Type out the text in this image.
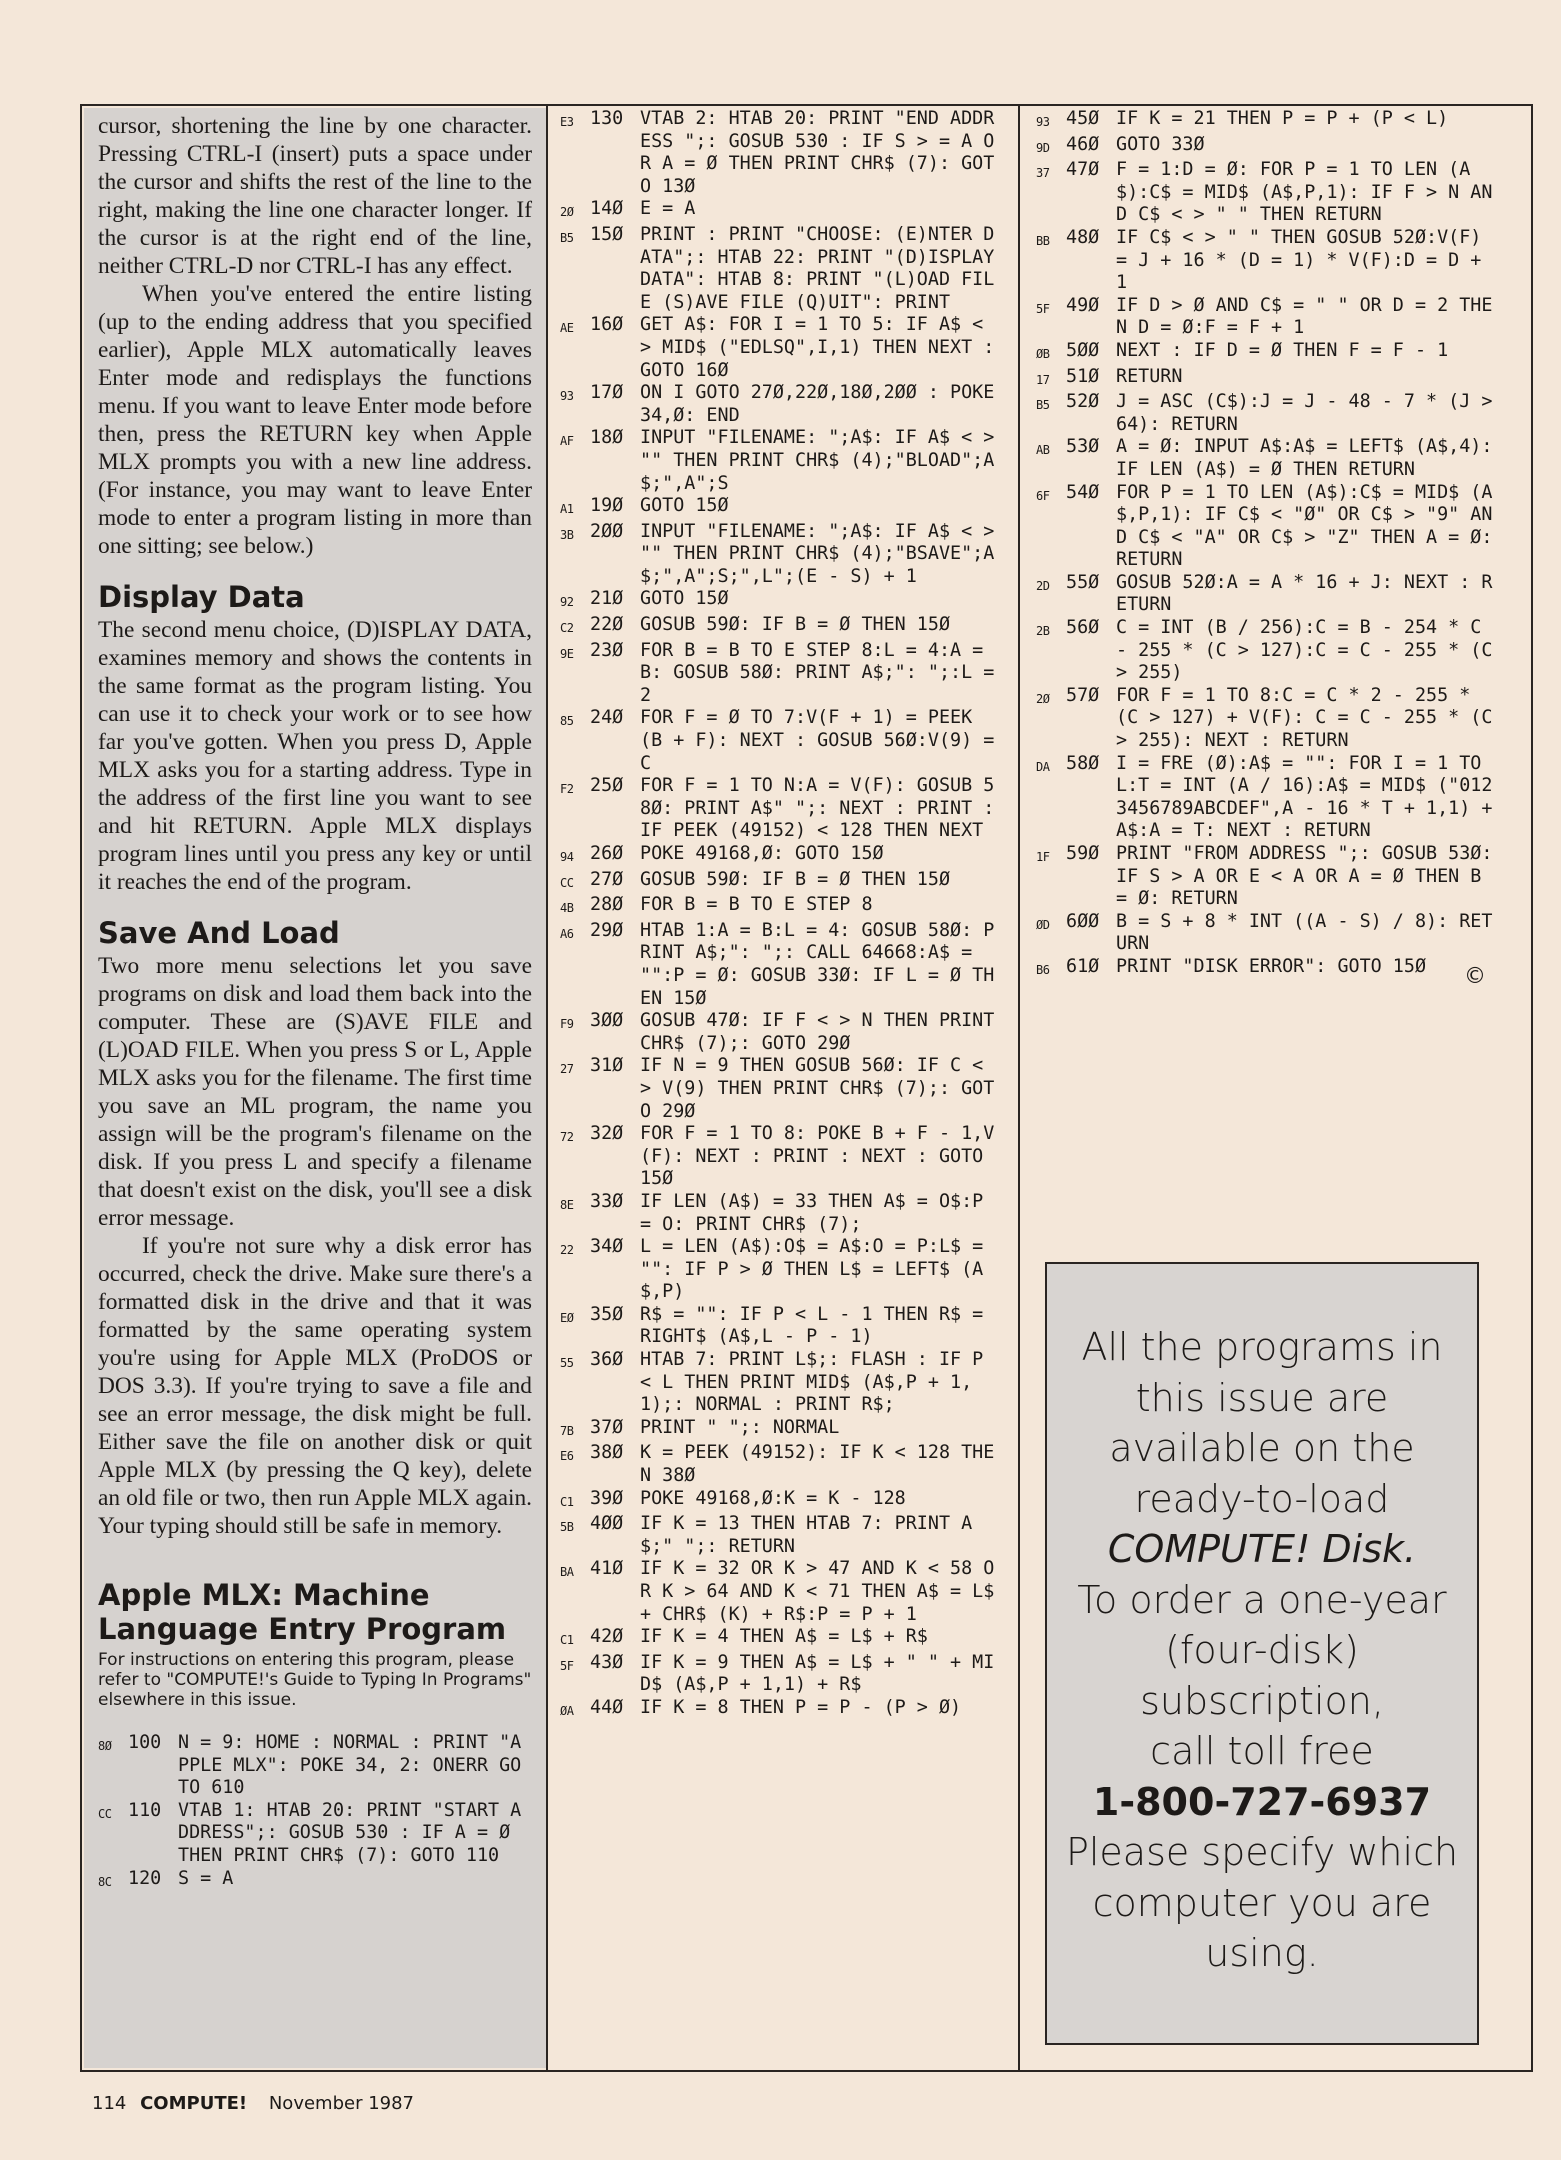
cursor, shortening the line by one character. Pressing CTRL-I (insert) puts a space under the cursor and shifts the rest of the line to the right, making the line one character longer. If the cursor is at the right end of the line, neither CTRL-D nor CTRL-I has any effect.

When you've entered the entire listing (up to the ending address that you specified earlier), Apple MLX automatically leaves Enter mode and redisplays the functions menu. If you want to leave Enter mode before then, press the RETURN key when Apple MLX prompts you with a new line address. (For instance, you may want to leave Enter mode to enter a program listing in more than one sitting; see below.)

Display Data

The second menu choice, (D)ISPLAY DATA, examines memory and shows the contents in the same format as the program listing. You can use it to check your work or to see how far you've gotten. When you press D, Apple MLX asks you for a starting address. Type in the address of the first line you want to see and hit RETURN. Apple MLX displays program lines until you press any key or until it reaches the end of the program.

Save And Load

Two more menu selections let you save programs on disk and load them back into the computer. These are (S)AVE FILE and (L)OAD FILE. When you press S or L, Apple MLX asks you for the filename. The first time you save an ML program, the name you assign will be the program's filename on the disk. If you press L and specify a filename that doesn't exist on the disk, you'll see a disk error message.

If you're not sure why a disk error has occurred, check the drive. Make sure there's a formatted disk in the drive and that it was formatted by the same operating system you're using for Apple MLX (ProDOS or DOS 3.3). If you're trying to save a file and see an error message, the disk might be full. Either save the file on another disk or quit Apple MLX (by pressing the Q key), delete an old file or two, then run Apple MLX again. Your typing should still be safe in memory.

Apple MLX: Machine
Language Entry Program

For instructions on entering this program, please refer to "COMPUTE!'s Guide to Typing In Programs" elsewhere in this issue.

8Ø 100 N = 9: HOME : NORMAL : PRINT "APPLE MLX": POKE 34, 2: ONERR GOTO 610
CC 110 VTAB 1: HTAB 20: PRINT "START ADDRESS";: GOSUB 530 : IF A = Ø THEN PRINT CHR$ (7): GOTO 110
8C 120 S = A
E3 130 VTAB 2: HTAB 20: PRINT "END ADDRESS ";: GOSUB 530 : IF S > = A OR A = Ø THEN PRINT CHR$ (7): GOTO 13Ø
2Ø 14Ø E = A
B5 15Ø PRINT : PRINT "CHOOSE: (E)NTER DATA";: HTAB 22: PRINT "(D)ISPLAY DATA": HTAB 8: PRINT "(L)OAD FILE (S)AVE FILE (Q)UIT": PRINT
AE 16Ø GET A$: FOR I = 1 TO 5: IF A$ < > MID$ ("EDLSQ",I,1) THEN NEXT : GOTO 16Ø
93 17Ø ON I GOTO 27Ø,22Ø,18Ø,2ØØ : POKE 34,Ø: END
AF 18Ø INPUT "FILENAME: ";A$: IF A$ < > "" THEN PRINT CHR$ (4);"BLOAD";A$;",A";S
A1 19Ø GOTO 15Ø
3B 2ØØ INPUT "FILENAME: ";A$: IF A$ < > "" THEN PRINT CHR$ (4);"BSAVE";A$;",A";S;",L";(E - S) + 1
92 21Ø GOTO 15Ø
C2 22Ø GOSUB 59Ø: IF B = Ø THEN 15Ø
9E 23Ø FOR B = B TO E STEP 8:L = 4:A = B: GOSUB 58Ø: PRINT A$;": ";:L = 2
85 24Ø FOR F = Ø TO 7:V(F + 1) = PEEK (B + F): NEXT : GOSUB 56Ø:V(9) = C
F2 25Ø FOR F = 1 TO N:A = V(F): GOSUB 58Ø: PRINT A$" ";: NEXT : PRINT : IF PEEK (49152) < 128 THEN NEXT
94 26Ø POKE 49168,Ø: GOTO 15Ø
CC 27Ø GOSUB 59Ø: IF B = Ø THEN 15Ø
4B 28Ø FOR B = B TO E STEP 8
A6 29Ø HTAB 1:A = B:L = 4: GOSUB 58Ø: PRINT A$;": ";: CALL 64668:A$ = "":P = Ø: GOSUB 33Ø: IF L = Ø THEN 15Ø
F9 3ØØ GOSUB 47Ø: IF F < > N THEN PRINT CHR$ (7);: GOTO 29Ø
27 31Ø IF N = 9 THEN GOSUB 56Ø: IF C < > V(9) THEN PRINT CHR$ (7);: GOTO 29Ø
72 32Ø FOR F = 1 TO 8: POKE B + F - 1,V(F): NEXT : PRINT : NEXT : GOTO 15Ø
8E 33Ø IF LEN (A$) = 33 THEN A$ = O$:P = O: PRINT CHR$ (7);
22 34Ø L = LEN (A$):O$ = A$:O = P:L$ = "": IF P > Ø THEN L$ = LEFT$ (A$,P)
EØ 35Ø R$ = "": IF P < L - 1 THEN R$ = RIGHT$ (A$,L - P - 1)
55 36Ø HTAB 7: PRINT L$;: FLASH : IF P < L THEN PRINT MID$ (A$,P + 1,1);: NORMAL : PRINT R$;
7B 37Ø PRINT " ";: NORMAL
E6 38Ø K = PEEK (49152): IF K < 128 THEN 38Ø
C1 39Ø POKE 49168,Ø:K = K - 128
5B 4ØØ IF K = 13 THEN HTAB 7: PRINT A$;" ";: RETURN
BA 41Ø IF K = 32 OR K > 47 AND K < 58 OR K > 64 AND K < 71 THEN A$ = L$ + CHR$ (K) + R$:P = P + 1
C1 42Ø IF K = 4 THEN A$ = L$ + R$
5F 43Ø IF K = 9 THEN A$ = L$ + " " + MID$ (A$,P + 1,1) + R$
ØA 44Ø IF K = 8 THEN P = P - (P > Ø)
93 45Ø IF K = 21 THEN P = P + (P < L)
9D 46Ø GOTO 33Ø
37 47Ø F = 1:D = Ø: FOR P = 1 TO LEN (A$):C$ = MID$ (A$,P,1): IF F > N AND C$ < > " " THEN RETURN
BB 48Ø IF C$ < > " " THEN GOSUB 52Ø:V(F) = J + 16 * (D = 1) * V(F):D = D + 1
5F 49Ø IF D > Ø AND C$ = " " OR D = 2 THEN D = Ø:F = F + 1
ØB 5ØØ NEXT : IF D = Ø THEN F = F - 1
17 51Ø RETURN
B5 52Ø J = ASC (C$):J = J - 48 - 7 * (J > 64): RETURN
AB 53Ø A = Ø: INPUT A$:A$ = LEFT$ (A$,4): IF LEN (A$) = Ø THEN RETURN
6F 54Ø FOR P = 1 TO LEN (A$):C$ = MID$ (A$,P,1): IF C$ < "Ø" OR C$ > "9" AND C$ < "A" OR C$ > "Z" THEN A = Ø: RETURN
2D 55Ø GOSUB 52Ø:A = A * 16 + J: NEXT : RETURN
2B 56Ø C = INT (B / 256):C = B - 254 * C - 255 * (C > 127):C = C - 255 * (C > 255)
2Ø 57Ø FOR F = 1 TO 8:C = C * 2 - 255 * (C > 127) + V(F): C = C - 255 * (C > 255): NEXT : RETURN
DA 58Ø I = FRE (Ø):A$ = "": FOR I = 1 TO L:T = INT (A / 16):A$ = MID$ ("0123456789ABCDEF",A - 16 * T + 1,1) + A$:A = T: NEXT : RETURN
1F 59Ø PRINT "FROM ADDRESS ";: GOSUB 53Ø: IF S > A OR E < A OR A = Ø THEN B = Ø: RETURN
ØD 6ØØ B = S + 8 * INT ((A - S) / 8): RETURN
B6 61Ø PRINT "DISK ERROR": GOTO 15Ø	©
All the programs in
this issue are
available on the
ready-to-load
COMPUTE! Disk.
To order a one-year
(four-disk)
subscription,
call toll free
1-800-727-6937
Please specify which
computer you are
using.
114 COMPUTE! November 1987
